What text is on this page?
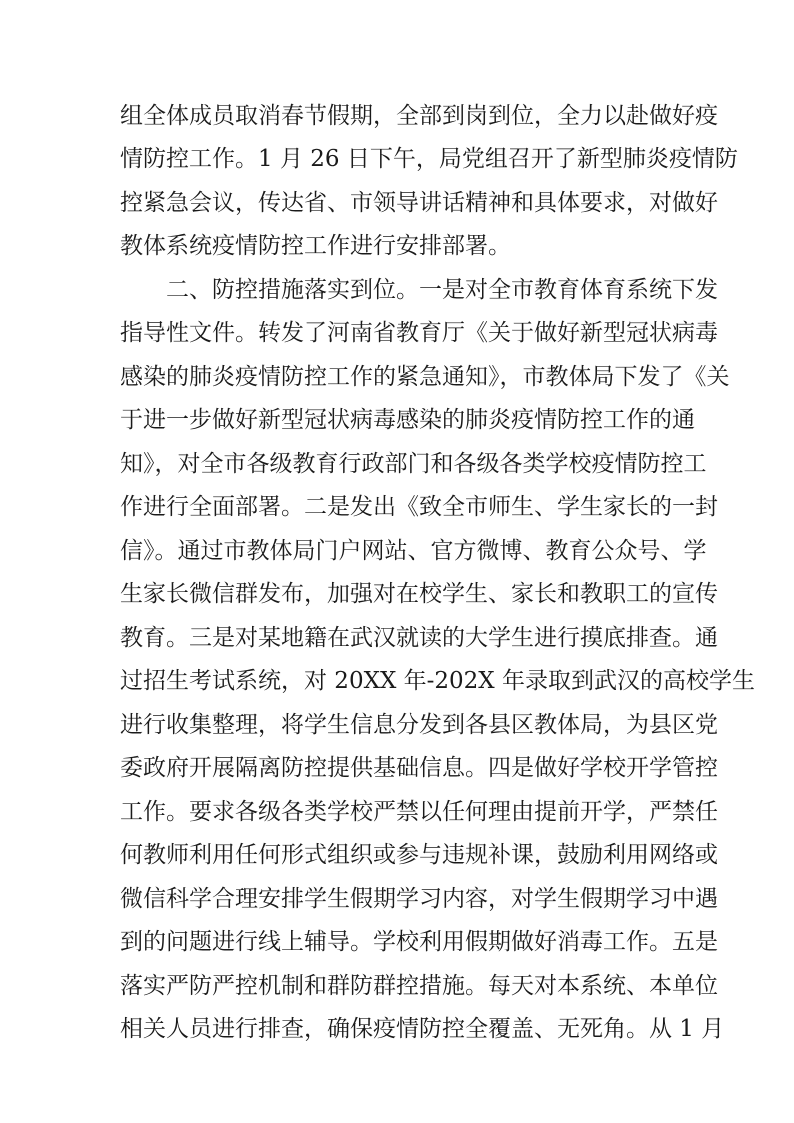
组全体成员取消春节假期，全部到岗到位，全力以赴做好疫
情防控工作。1 月 26 日下午，局党组召开了新型肺炎疫情防
控紧急会议，传达省、市领导讲话精神和具体要求，对做好
教体系统疫情防控工作进行安排部署。
二、防控措施落实到位。一是对全市教育体育系统下发
指导性文件。转发了河南省教育厅《关于做好新型冠状病毒
感染的肺炎疫情防控工作的紧急通知》，市教体局下发了《关
于进一步做好新型冠状病毒感染的肺炎疫情防控工作的通
知》，对全市各级教育行政部门和各级各类学校疫情防控工
作进行全面部署。二是发出《致全市师生、学生家长的一封
信》。通过市教体局门户网站、官方微博、教育公众号、学
生家长微信群发布，加强对在校学生、家长和教职工的宣传
教育。三是对某地籍在武汉就读的大学生进行摸底排查。通
过招生考试系统，对 20XX 年-202X 年录取到武汉的高校学生
进行收集整理，将学生信息分发到各县区教体局，为县区党
委政府开展隔离防控提供基础信息。四是做好学校开学管控
工作。要求各级各类学校严禁以任何理由提前开学，严禁任
何教师利用任何形式组织或参与违规补课，鼓励利用网络或
微信科学合理安排学生假期学习内容，对学生假期学习中遇
到的问题进行线上辅导。学校利用假期做好消毒工作。五是
落实严防严控机制和群防群控措施。每天对本系统、本单位
相关人员进行排查，确保疫情防控全覆盖、无死角。从 1 月
